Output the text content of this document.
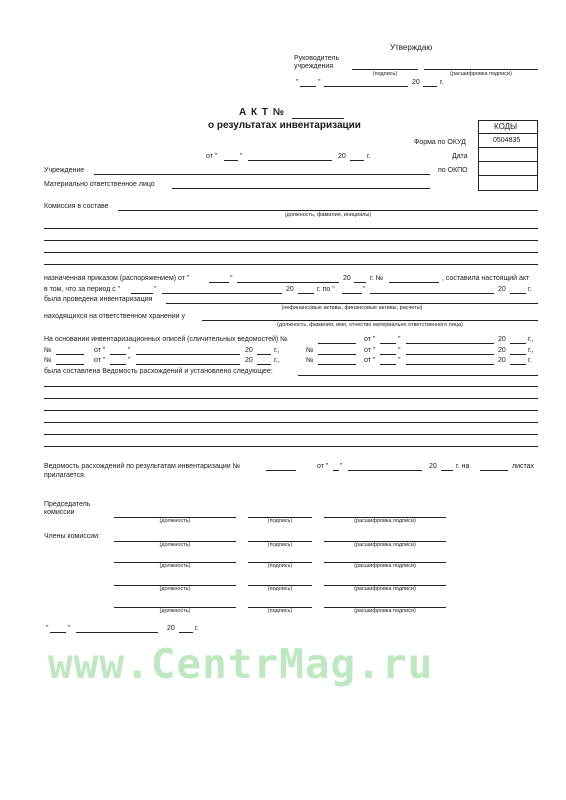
Утверждаю
Руководитель
учреждения
(подпись)	(расшифровка подписи)
"	"	20	г.
А К Т №
о результатах инвентаризации	КОДЫ
0504835
Форма по ОКУД
Дата
по ОКПО
от "	"	20	г.
Учреждение
Материально ответственное лицо
Комиссия в составе
(должность, фамилия, инициалы)
назначенная приказом (распоряжением) от "	"	20	г. №	, составила настоящий акт
в том, что за период с "	"	20	г. по "	"	20	г.
была проведена инвентаризация
(нефинансовые активы, финансовые активы, расчеты)
находящихся на ответственном хранении у
(должность, фамилия, имя, отчество материально ответственного лица)
На основании инвентаризационных описей (сличительных ведомостей) №	от "	"	20	г.,
№	от "	"	20	г.,	№	от "	"	20	г.,
№	от "	"	20	г.,	№	от "	"	20	г.
была составлена Ведомость расхождений и установлено следующее:
Ведомость расхождений по результатам инвентаризации №	от " "	20	г. на	листах
прилагается.
Председатель
комиссии
(должность)	(подпись)	(расшифровка подписи)
Члены комиссии:
(должность)	(подпись)	(расшифровка подписи)
(должность)	(подпись)	(расшифровка подписи)
(должность)	(подпись)	(расшифровка подписи)
(должность)	(подпись)	(расшифровка подписи)
"	"	20	г.
www.CentrMag.ru
